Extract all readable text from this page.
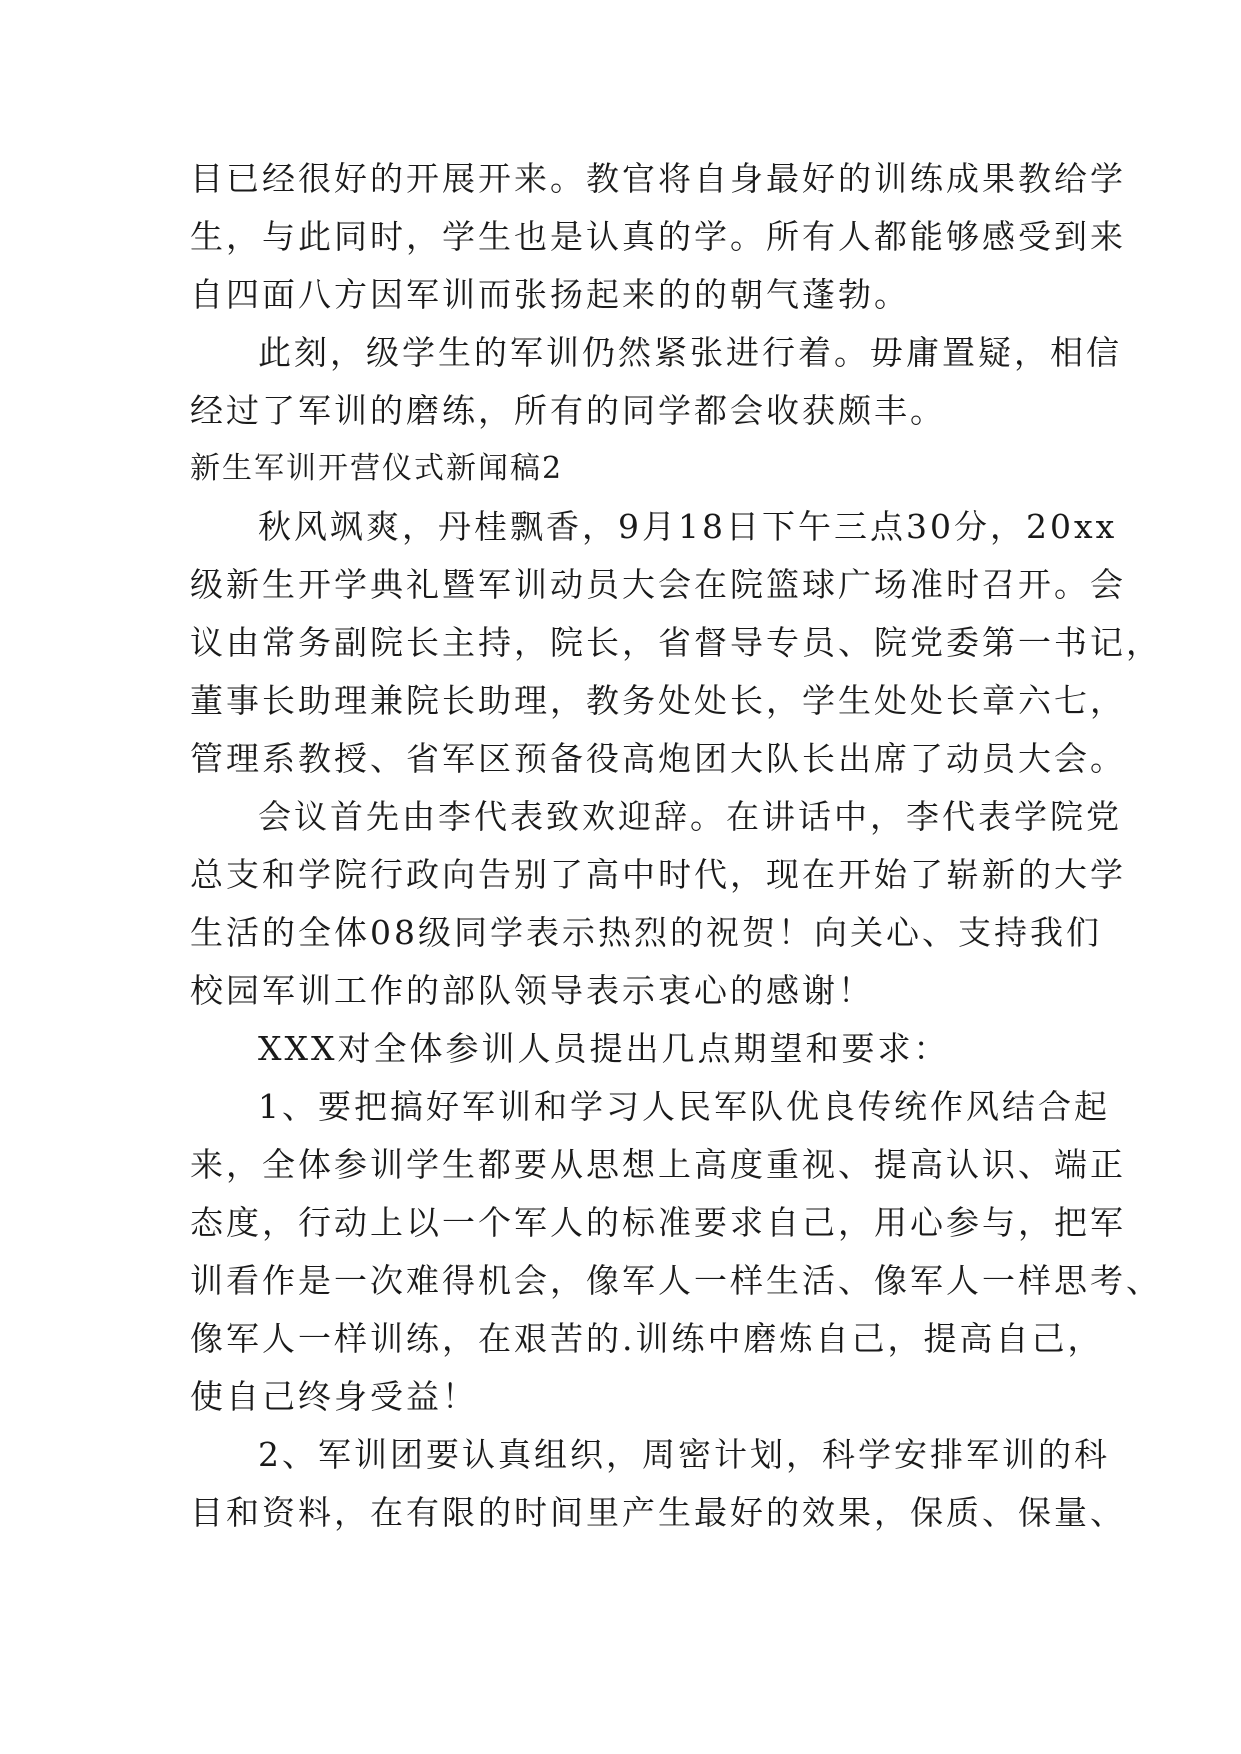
目已经很好的开展开来。教官将自身最好的训练成果教给学
生，与此同时，学生也是认真的学。所有人都能够感受到来
自四面八方因军训而张扬起来的的朝气蓬勃。
此刻，级学生的军训仍然紧张进行着。毋庸置疑，相信
经过了军训的磨练，所有的同学都会收获颇丰。
新生军训开营仪式新闻稿2
秋风飒爽，丹桂飘香，9月18日下午三点30分，20xx
级新生开学典礼暨军训动员大会在院篮球广场准时召开。会
议由常务副院长主持，院长，省督导专员、院党委第一书记，
董事长助理兼院长助理，教务处处长，学生处处长章六七，
管理系教授、省军区预备役高炮团大队长出席了动员大会。
会议首先由李代表致欢迎辞。在讲话中，李代表学院党
总支和学院行政向告别了高中时代，现在开始了崭新的大学
生活的全体08级同学表示热烈的祝贺！向关心、支持我们
校园军训工作的部队领导表示衷心的感谢！
XXX对全体参训人员提出几点期望和要求：
1、要把搞好军训和学习人民军队优良传统作风结合起
来，全体参训学生都要从思想上高度重视、提高认识、端正
态度，行动上以一个军人的标准要求自己，用心参与，把军
训看作是一次难得机会，像军人一样生活、像军人一样思考、
像军人一样训练，在艰苦的.训练中磨炼自己，提高自己，
使自己终身受益！
2、军训团要认真组织，周密计划，科学安排军训的科
目和资料，在有限的时间里产生最好的效果，保质、保量、
